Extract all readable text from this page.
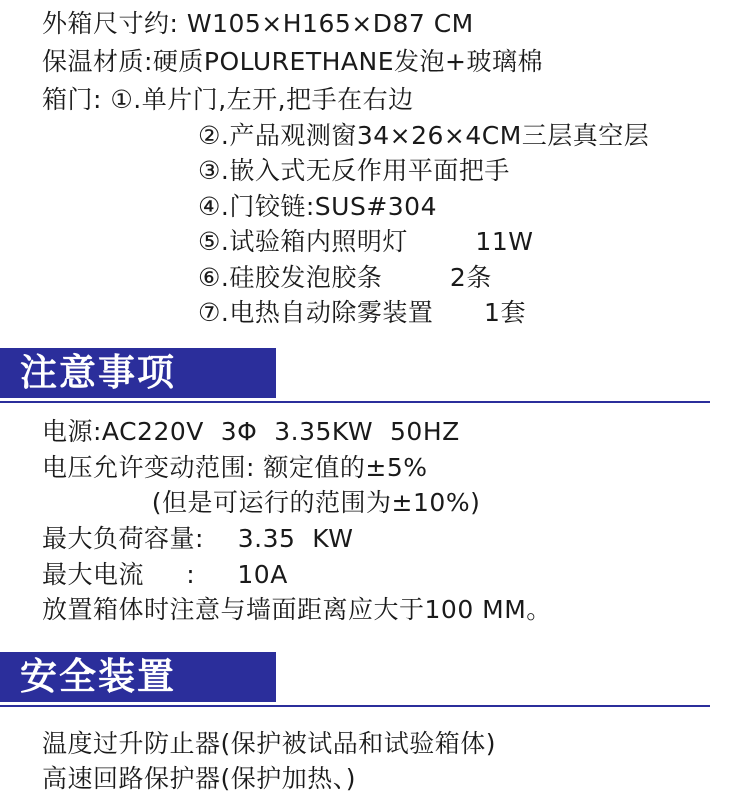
外箱尺寸约: W105×H165×D87 CM
保温材质:硬质POLURETHANE发泡+玻璃棉
箱门: ①.单片门,左开,把手在右边
②.产品观测窗34×26×4CM三层真空层
③.嵌入式无反作用平面把手
④.门铰链:SUS#304
⑤.试验箱内照明灯        11W
⑥.硅胶发泡胶条        2条
⑦.电热自动除雾装置      1套
注意事项
电源:AC220V  3Φ  3.35KW  50HZ
电压允许变动范围: 额定值的±5%
(但是可运行的范围为±10%)
最大负荷容量:    3.35  KW
最大电流     :     10A
放置箱体时注意与墙面距离应大于100 MM。
安全装置
温度过升防止器(保护被试品和试验箱体)
高速回路保护器(保护加热、)
